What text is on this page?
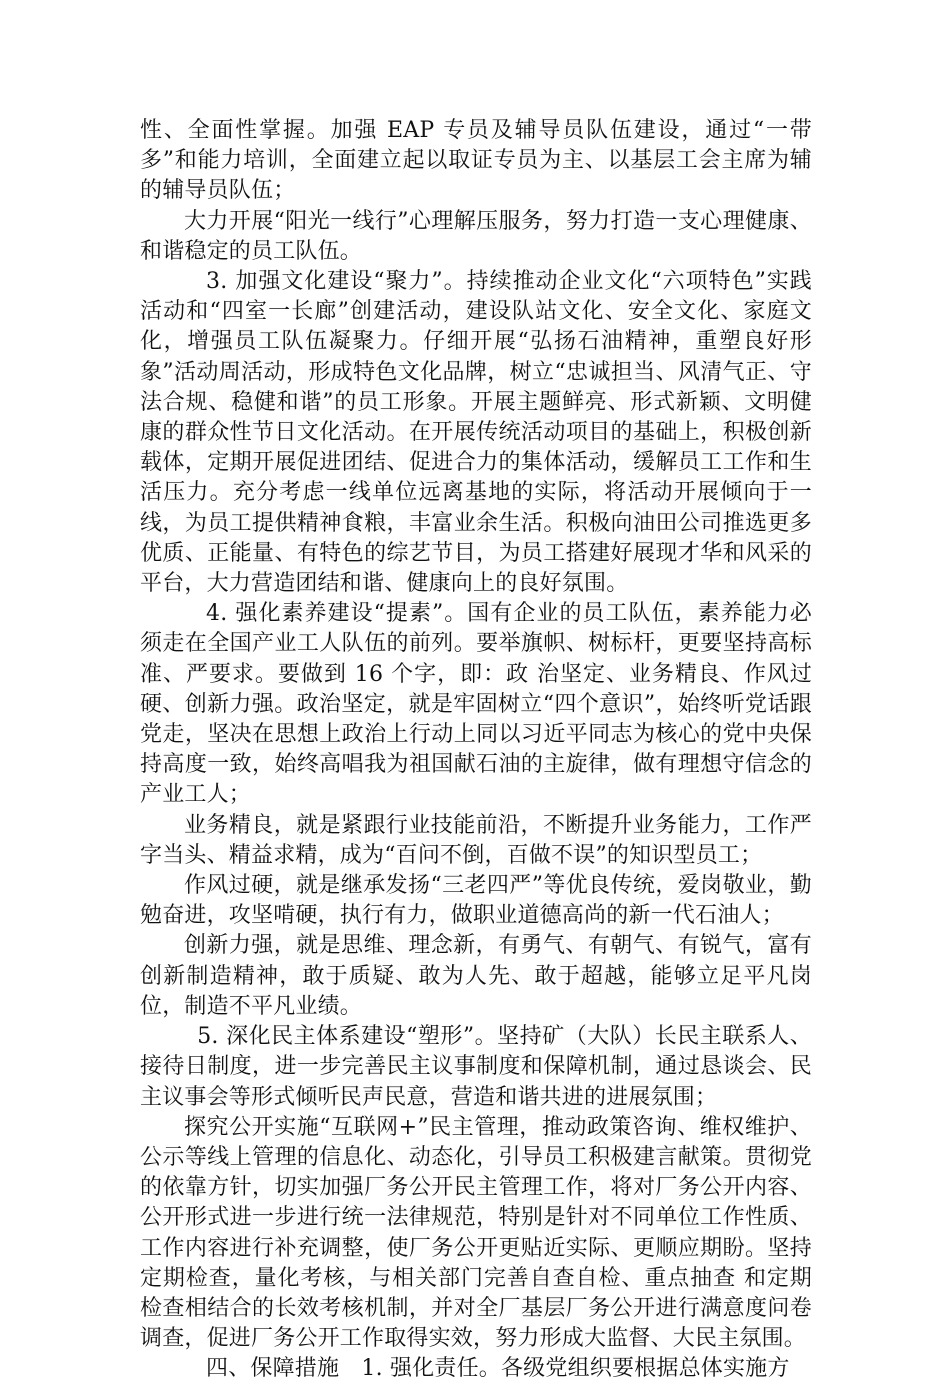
性、全面性掌握。加强 EAP 专员及辅导员队伍建设，通过“一带多”和能力培训，全面建立起以取证专员为主、以基层工会主席为辅的辅导员队伍；

大力开展“阳光一线行”心理解压服务，努力打造一支心理健康、和谐稳定的员工队伍。

3. 加强文化建设“聚力”。持续推动企业文化“六项特色”实践活动和“四室一长廊”创建活动，建设队站文化、安全文化、家庭文化，增强员工队伍凝聚力。仔细开展“弘扬石油精神，重塑良好形象”活动周活动，形成特色文化品牌，树立“忠诚担当、风清气正、守法合规、稳健和谐”的员工形象。开展主题鲜亮、形式新颖、文明健康的群众性节日文化活动。在开展传统活动项目的基础上，积极创新载体，定期开展促进团结、促进合力的集体活动，缓解员工工作和生活压力。充分考虑一线单位远离基地的实际，将活动开展倾向于一线，为员工提供精神食粮，丰富业余生活。积极向油田公司推选更多优质、正能量、有特色的综艺节目，为员工搭建好展现才华和风采的平台，大力营造团结和谐、健康向上的良好氛围。

4. 强化素养建设“提素”。国有企业的员工队伍，素养能力必须走在全国产业工人队伍的前列。要举旗帜、树标杆，更要坚持高标准、严要求。要做到 16 个字，即：政 治坚定、业务精良、作风过硬、创新力强。政治坚定，就是牢固树立“四个意识”，始终听党话跟党走，坚决在思想上政治上行动上同以习近平同志为核心的党中央保持高度一致，始终高唱我为祖国献石油的主旋律，做有理想守信念的产业工人；

业务精良，就是紧跟行业技能前沿，不断提升业务能力，工作严字当头、精益求精，成为“百问不倒，百做不误”的知识型员工；

作风过硬，就是继承发扬“三老四严”等优良传统，爱岗敬业，勤勉奋进，攻坚啃硬，执行有力，做职业道德高尚的新一代石油人；

创新力强，就是思维、理念新，有勇气、有朝气、有锐气，富有创新制造精神，敢于质疑、敢为人先、敢于超越，能够立足平凡岗位，制造不平凡业绩。

5. 深化民主体系建设“塑形”。坚持矿（大队）长民主联系人、接待日制度，进一步完善民主议事制度和保障机制，通过恳谈会、民主议事会等形式倾听民声民意，营造和谐共进的进展氛围；

探究公开实施“互联网+”民主管理，推动政策咨询、维权维护、公示等线上管理的信息化、动态化，引导员工积极建言献策。贯彻党的依靠方针，切实加强厂务公开民主管理工作，将对厂务公开内容、公开形式进一步进行统一法律规范，特别是针对不同单位工作性质、工作内容进行补充调整，使厂务公开更贴近实际、更顺应期盼。坚持定期检查，量化考核，与相关部门完善自查自检、重点抽查 和定期检查相结合的长效考核机制，并对全厂基层厂务公开进行满意度问卷调查，促进厂务公开工作取得实效，努力形成大监督、大民主氛围。

四、保障措施　1. 强化责任。各级党组织要根据总体实施方
